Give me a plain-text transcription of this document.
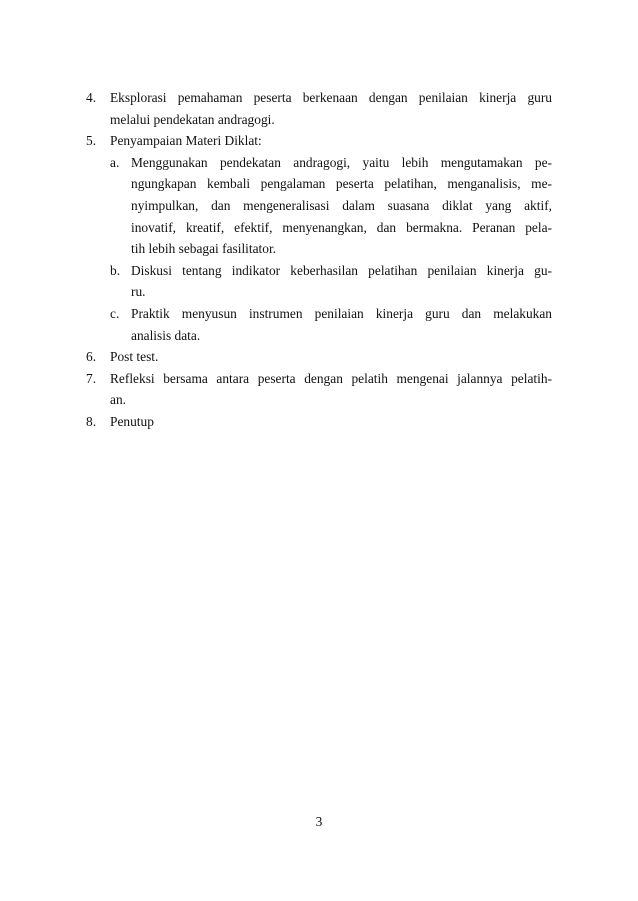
4.	Eksplorasi pemahaman peserta berkenaan dengan penilaian kinerja guru
melalui pendekatan andragogi.
5.	Penyampaian Materi Diklat:
a. Menggunakan pendekatan andragogi, yaitu lebih mengutamakan pe-
ngungkapan kembali pengalaman peserta pelatihan, menganalisis, me-
nyimpulkan, dan mengeneralisasi dalam suasana diklat yang aktif,
inovatif, kreatif, efektif, menyenangkan, dan bermakna. Peranan pela-
tih lebih sebagai fasilitator.
b. Diskusi tentang indikator keberhasilan pelatihan penilaian kinerja gu-
ru.
c. Praktik menyusun instrumen penilaian kinerja guru dan melakukan
analisis data.
6.	Post test.
7.	Refleksi bersama antara peserta dengan pelatih mengenai jalannya pelatih-
an.
8.	Penutup
3
